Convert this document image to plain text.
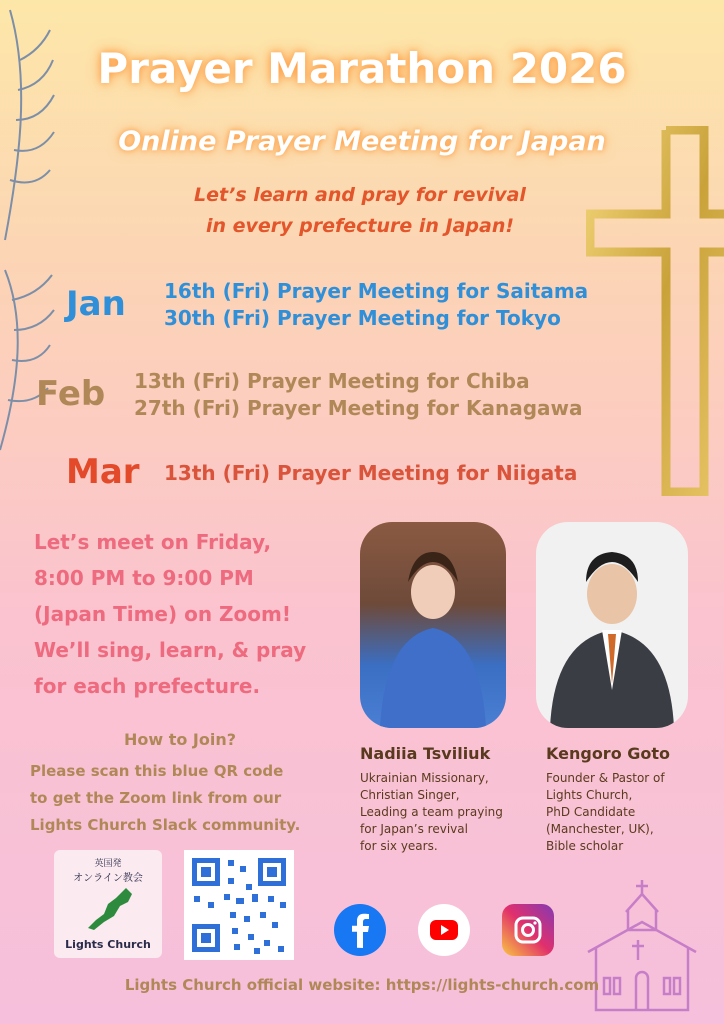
Prayer Marathon 2026
Online Prayer Meeting for Japan
Let’s learn and pray for revival
in every prefecture in Japan!
Jan 16th (Fri) Prayer Meeting for Saitama
30th (Fri) Prayer Meeting for Tokyo
Feb 13th (Fri) Prayer Meeting for Chiba
27th (Fri) Prayer Meeting for Kanagawa
Mar 13th (Fri) Prayer Meeting for Niigata
Let’s meet on Friday,
8:00 PM to 9:00 PM
(Japan Time) on Zoom!
We’ll sing, learn, & pray
for each prefecture.
How to Join?
Please scan this blue QR code
to get the Zoom link from our
Lights Church Slack community.
Nadiia Tsviliuk
Ukrainian Missionary,
Christian Singer,
Leading a team praying
for Japan’s revival
for six years.
Kengoro Goto
Founder & Pastor of
Lights Church,
PhD Candidate
(Manchester, UK),
Bible scholar
英国発
オンライン教会
Lights Church
Lights Church official website: https://lights-church.com
